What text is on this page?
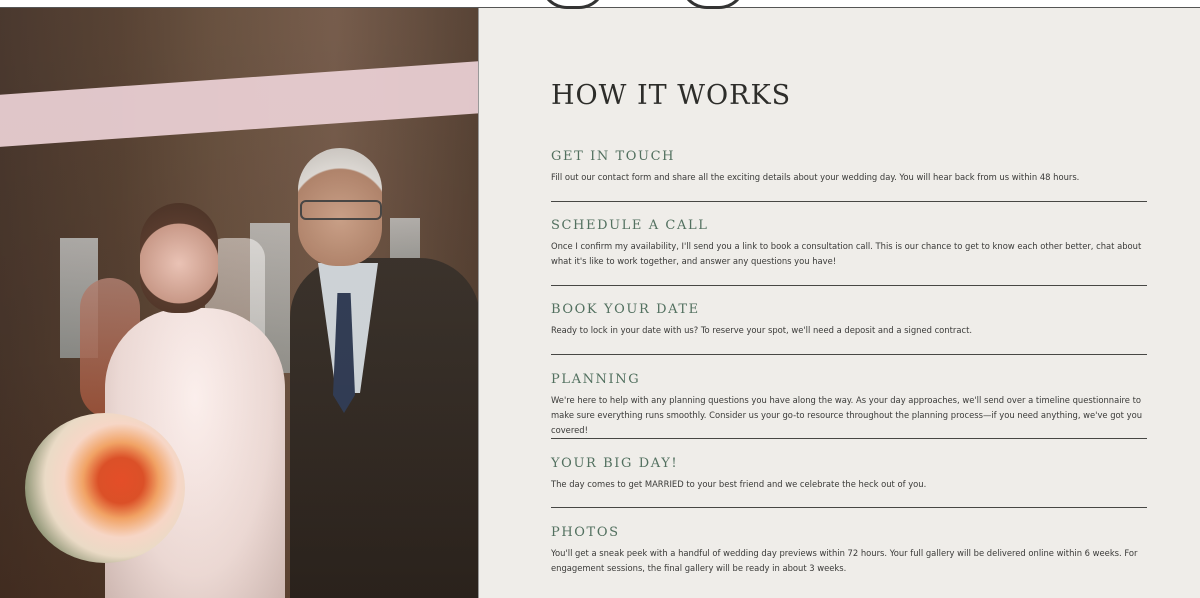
HOW IT WORKS
GET IN TOUCH

Fill out our contact form and share all the exciting details about your wedding day. You will hear back from us within 48 hours.

SCHEDULE A CALL

Once I confirm my availability, I'll send you a link to book a consultation call. This is our chance to get to know each other better, chat about what it's like to work together, and answer any questions you have!

BOOK YOUR DATE

Ready to lock in your date with us? To reserve your spot, we'll need a deposit and a signed contract.

PLANNING

We're here to help with any planning questions you have along the way. As your day approaches, we'll send over a timeline questionnaire to make sure everything runs smoothly. Consider us your go-to resource throughout the planning process—if you need anything, we've got you covered!

YOUR BIG DAY!

The day comes to get MARRIED to your best friend and we celebrate the heck out of you.

PHOTOS

You'll get a sneak peek with a handful of wedding day previews within 72 hours. Your full gallery will be delivered online within 6 weeks. For engagement sessions, the final gallery will be ready in about 3 weeks.
